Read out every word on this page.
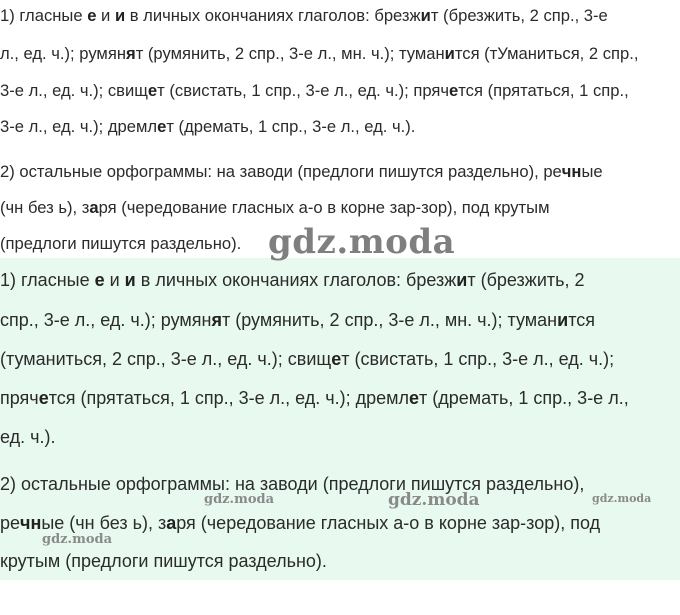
1) гласные е и и в личных окончаниях глаголов: брезжит (брезжить, 2 спр., 3-е
л., ед. ч.); румянят (румянить, 2 спр., 3-е л., мн. ч.); туманится (тУманиться, 2 спр.,
3-е л., ед. ч.); свищет (свистать, 1 спр., 3-е л., ед. ч.); прячется (прятаться, 1 спр.,
3-е л., ед. ч.); дремлет (дремать, 1 спр., 3-е л., ед. ч.).
2) остальные орфограммы: на заводи (предлоги пишутся раздельно), речные
(чн без ь), заря (чередование гласных а-о в корне зар-зор), под крутым
(предлоги пишутся раздельно).
1) гласные е и и в личных окончаниях глаголов: брезжит (брезжить, 2
спр., 3-е л., ед. ч.); румянят (румянить, 2 спр., 3-е л., мн. ч.); туманится
(туманиться, 2 спр., 3-е л., ед. ч.); свищет (свистать, 1 спр., 3-е л., ед. ч.);
прячется (прятаться, 1 спр., 3-е л., ед. ч.); дремлет (дремать, 1 спр., 3-е л.,
ед. ч.).
2) остальные орфограммы: на заводи (предлоги пишутся раздельно),
речные (чн без ь), заря (чередование гласных а-о в корне зар-зор), под
крутым (предлоги пишутся раздельно).
gdz.moda
gdz.moda	gdz.moda	gdz.moda
gdz.moda
